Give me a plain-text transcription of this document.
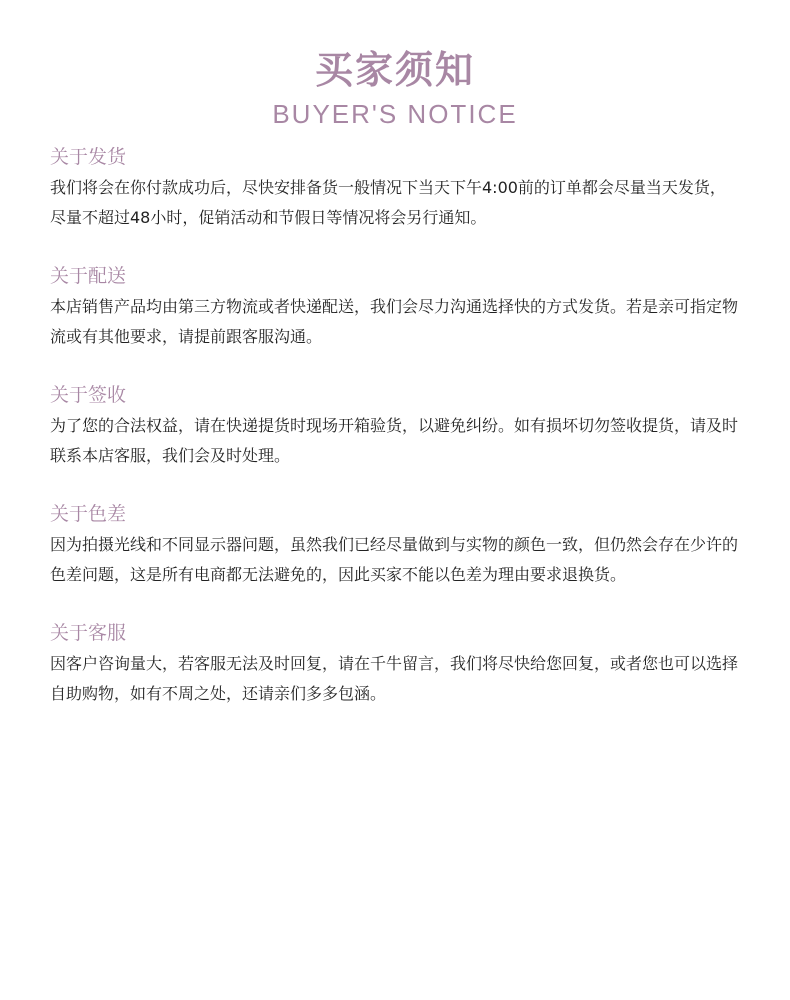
买家须知
BUYER'S NOTICE
关于发货
我们将会在你付款成功后，尽快安排备货一般情况下当天下午4:00前的订单都会尽量当天发货，尽量不超过48小时，促销活动和节假日等情况将会另行通知。
关于配送
本店销售产品均由第三方物流或者快递配送，我们会尽力沟通选择快的方式发货。若是亲可指定物流或有其他要求，请提前跟客服沟通。
关于签收
为了您的合法权益，请在快递提货时现场开箱验货，以避免纠纷。如有损坏切勿签收提货，请及时联系本店客服，我们会及时处理。
关于色差
因为拍摄光线和不同显示器问题，虽然我们已经尽量做到与实物的颜色一致，但仍然会存在少许的色差问题，这是所有电商都无法避免的，因此买家不能以色差为理由要求退换货。
关于客服
因客户咨询量大，若客服无法及时回复，请在千牛留言，我们将尽快给您回复，或者您也可以选择自助购物，如有不周之处，还请亲们多多包涵。
